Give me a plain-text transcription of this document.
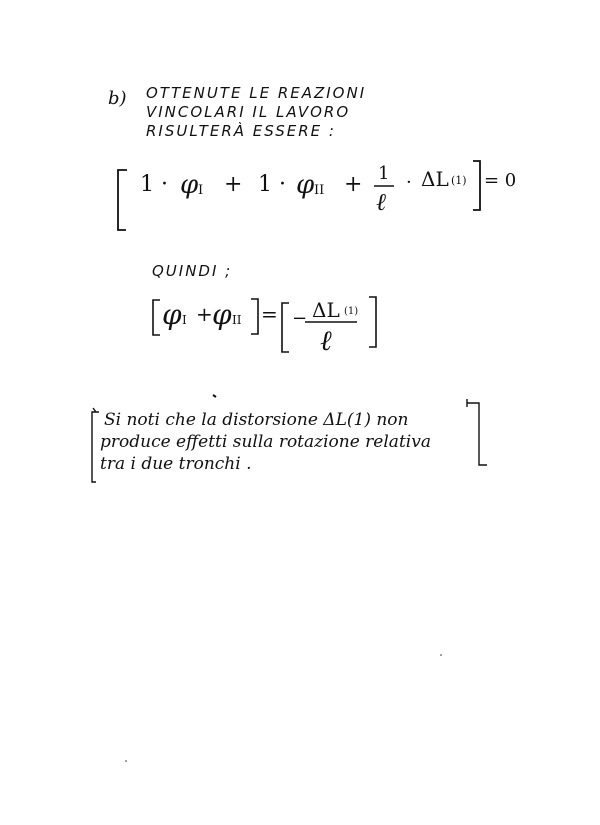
b) OTTENUTE LE REAZIONI
VINCOLARI IL LAVORO
RISULTERÀ ESSERE :
1 · φ I + 1 · φ II + 1
ℓ
· ΔL (1) = 0
QUINDI ;
φ I + φ II = − ΔL (1)
ℓ
Si noti che la distorsione ΔL(1) non
produce effetti sulla rotazione relativa
tra i due tronchi .
